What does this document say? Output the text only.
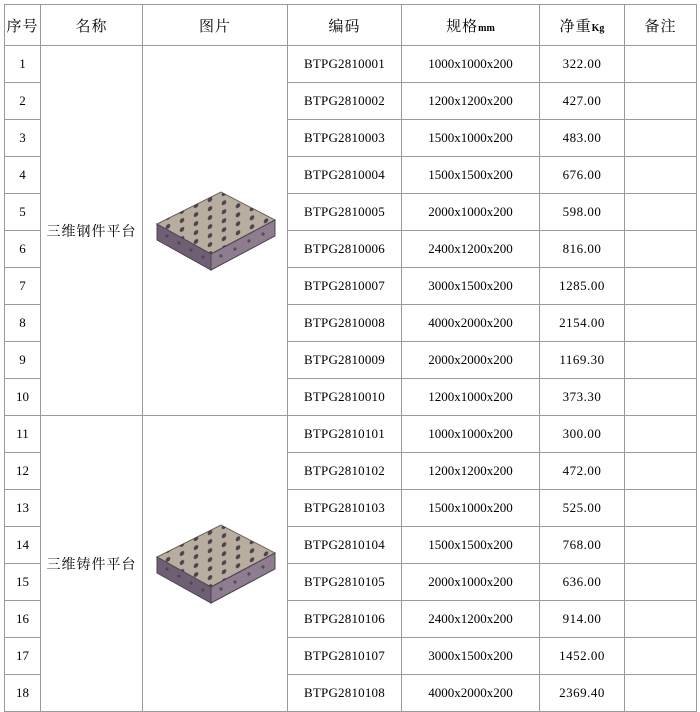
序号	名称	图片	编码	规格mm	净重Kg	备注
1	三维钢件平台		BTPG2810001	1000x1000x200	322.00	
2			BTPG2810002	1200x1200x200	427.00	
3			BTPG2810003	1500x1000x200	483.00	
4			BTPG2810004	1500x1500x200	676.00	
5			BTPG2810005	2000x1000x200	598.00	
6			BTPG2810006	2400x1200x200	816.00	
7			BTPG2810007	3000x1500x200	1285.00	
8			BTPG2810008	4000x2000x200	2154.00	
9			BTPG2810009	2000x2000x200	1169.30	
10			BTPG2810010	1200x1000x200	373.30	
11	三维铸件平台		BTPG2810101	1000x1000x200	300.00	
12			BTPG2810102	1200x1200x200	472.00	
13			BTPG2810103	1500x1000x200	525.00	
14			BTPG2810104	1500x1500x200	768.00	
15			BTPG2810105	2000x1000x200	636.00	
16			BTPG2810106	2400x1200x200	914.00	
17			BTPG2810107	3000x1500x200	1452.00	
18			BTPG2810108	4000x2000x200	2369.40	
